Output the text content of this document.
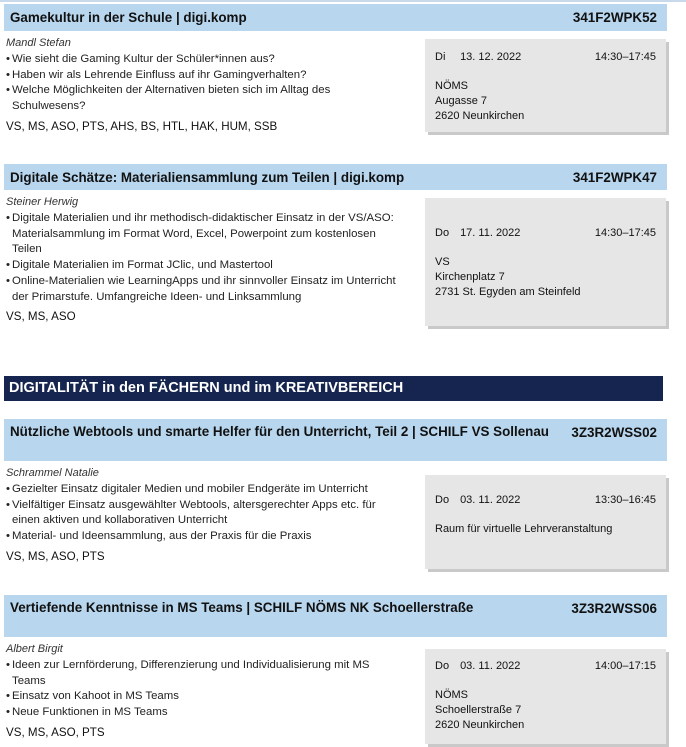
Gamekultur in der Schule | digi.komp	341F2WPK52
Mandl Stefan
• Wie sieht die Gaming Kultur der Schüler*innen aus?
• Haben wir als Lehrende Einfluss auf ihr Gamingverhalten?
• Welche Möglichkeiten der Alternativen bieten sich im Alltag des Schulwesens?
VS, MS, ASO, PTS, AHS, BS, HTL, HAK, HUM, SSB
Di 13. 12. 2022	14:30–17:45
NÖMS
Augasse 7
2620 Neunkirchen
Digitale Schätze: Materialiensammlung zum Teilen | digi.komp	341F2WPK47
Steiner Herwig
• Digitale Materialien und ihr methodisch-didaktischer Einsatz in der VS/ASO: Materialsammlung im Format Word, Excel, Powerpoint zum kostenlosen Teilen
• Digitale Materialien im Format JClic, und Mastertool
• Online-Materialien wie LearningApps und ihr sinnvoller Einsatz im Unterricht der Primarstufe. Umfangreiche Ideen- und Linksammlung
VS, MS, ASO
Do 17. 11. 2022	14:30–17:45
VS
Kirchenplatz 7
2731 St. Egyden am Steinfeld
DIGITALITÄT in den FÄCHERN und im KREATIVBEREICH
Nützliche Webtools und smarte Helfer für den Unterricht, Teil 2 | SCHILF VS Sollenau 3Z3R2WSS02
Schrammel Natalie
• Gezielter Einsatz digitaler Medien und mobiler Endgeräte im Unterricht
• Vielfältiger Einsatz ausgewählter Webtools, altersgerechter Apps etc. für einen aktiven und kollaborativen Unterricht
• Material- und Ideensammlung, aus der Praxis für die Praxis
VS, MS, ASO, PTS
Do 03. 11. 2022	13:30–16:45
Raum für virtuelle Lehrveranstaltung
Vertiefende Kenntnisse in MS Teams | SCHILF NÖMS NK Schoellerstraße	3Z3R2WSS06
Albert Birgit
• Ideen zur Lernförderung, Differenzierung und Individualisierung mit MS Teams
• Einsatz von Kahoot in MS Teams
• Neue Funktionen in MS Teams
VS, MS, ASO, PTS
Do 03. 11. 2022	14:00–17:15
NÖMS
Schoellerstraße 7
2620 Neunkirchen
